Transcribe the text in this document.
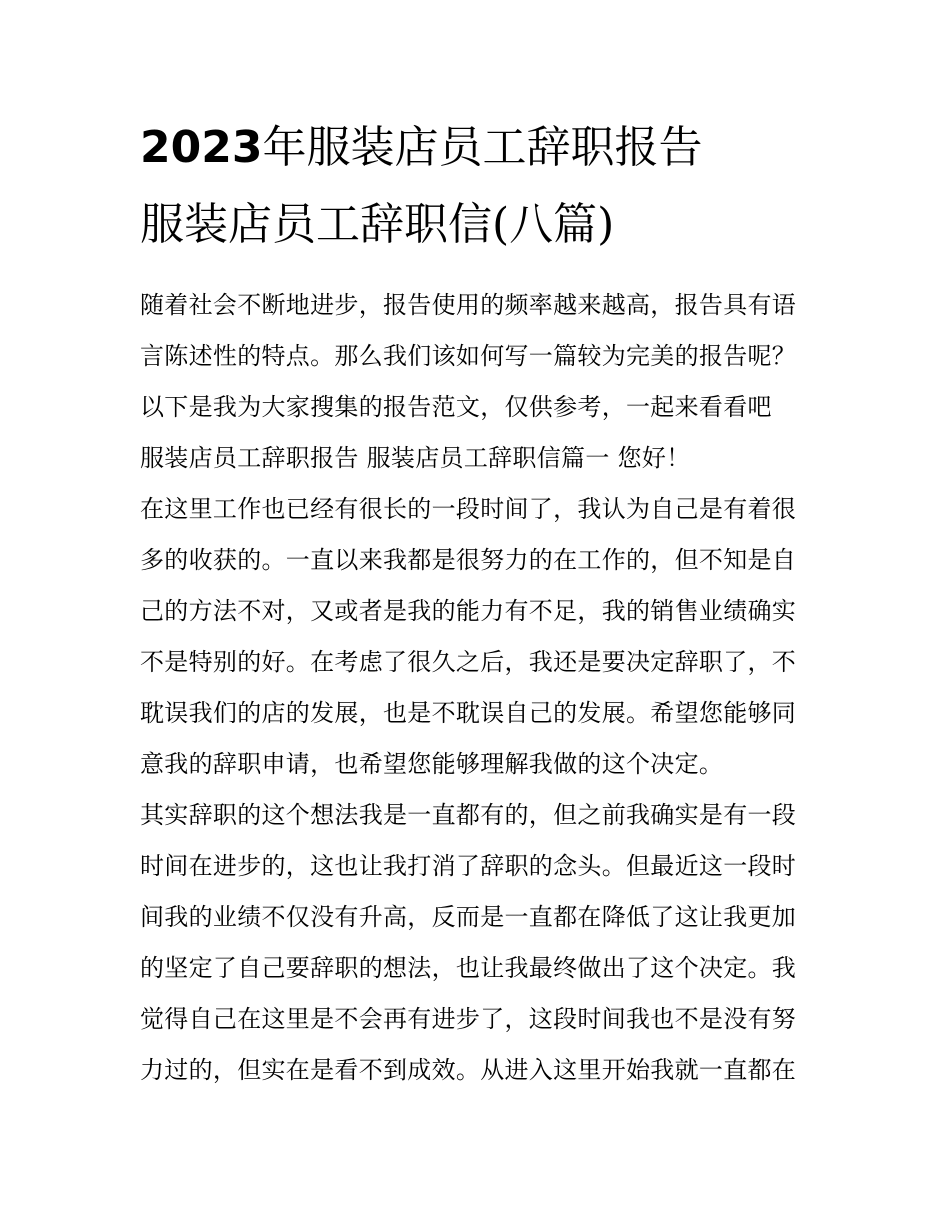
2023年服装店员工辞职报告
服装店员工辞职信(八篇)
随着社会不断地进步，报告使用的频率越来越高，报告具有语
言陈述性的特点。那么我们该如何写一篇较为完美的报告呢？
以下是我为大家搜集的报告范文，仅供参考，一起来看看吧
服装店员工辞职报告 服装店员工辞职信篇一 您好！
在这里工作也已经有很长的一段时间了，我认为自己是有着很
多的收获的。一直以来我都是很努力的在工作的，但不知是自
己的方法不对，又或者是我的能力有不足，我的销售业绩确实
不是特别的好。在考虑了很久之后，我还是要决定辞职了，不
耽误我们的店的发展，也是不耽误自己的发展。希望您能够同
意我的辞职申请，也希望您能够理解我做的这个决定。
其实辞职的这个想法我是一直都有的，但之前我确实是有一段
时间在进步的，这也让我打消了辞职的念头。但最近这一段时
间我的业绩不仅没有升高，反而是一直都在降低了这让我更加
的坚定了自己要辞职的想法，也让我最终做出了这个决定。我
觉得自己在这里是不会再有进步了，这段时间我也不是没有努
力过的，但实在是看不到成效。从进入这里开始我就一直都在
